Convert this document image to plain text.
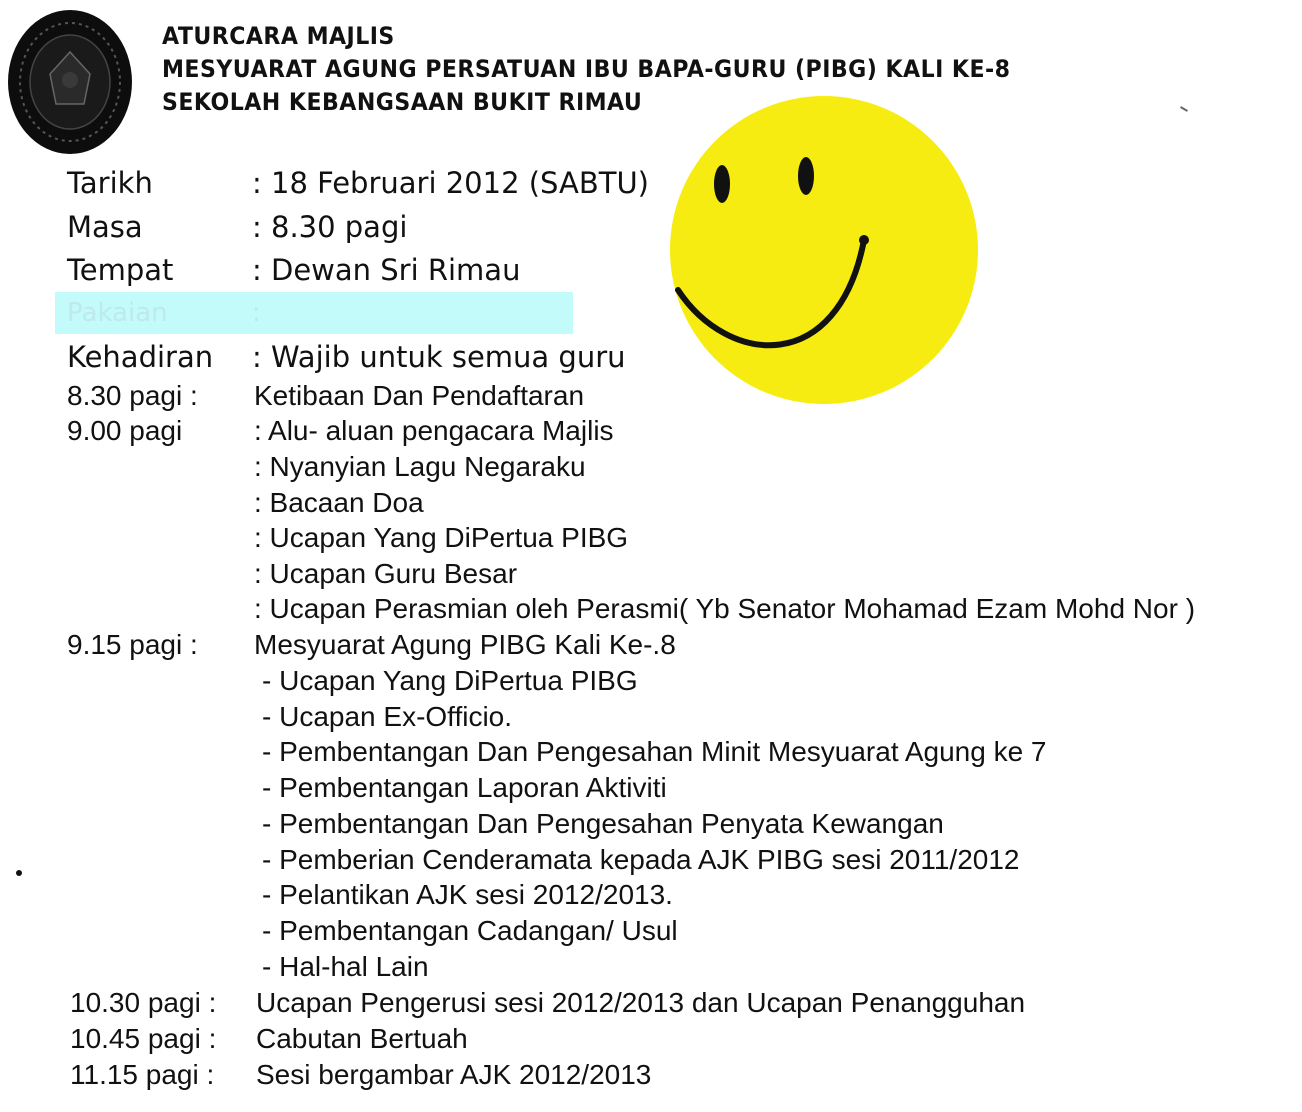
ATURCARA MAJLIS
MESYUARAT AGUNG PERSATUAN IBU BAPA-GURU (PIBG) KALI KE-8
SEKOLAH KEBANGSAAN BUKIT RIMAU
Tarikh	: 18 Februari 2012 (SABTU)
Masa	: 8.30 pagi
Tempat	: Dewan Sri Rimau
Pakaian	:
Kehadiran : Wajib untuk semua guru
8.30 pagi : Ketibaan Dan Pendaftaran
9.00 pagi	: Alu- aluan pengacara Majlis
: Nyanyian Lagu Negaraku
: Bacaan Doa
: Ucapan Yang DiPertua PIBG
: Ucapan Guru Besar
: Ucapan Perasmian oleh Perasmi( Yb Senator Mohamad Ezam Mohd Nor )
9.15 pagi : Mesyuarat Agung PIBG Kali Ke-.8
- Ucapan Yang DiPertua PIBG
- Ucapan Ex-Officio.
- Pembentangan Dan Pengesahan Minit Mesyuarat Agung ke 7
- Pembentangan Laporan Aktiviti
- Pembentangan Dan Pengesahan Penyata Kewangan
- Pemberian Cenderamata kepada AJK PIBG sesi 2011/2012
- Pelantikan AJK sesi 2012/2013.
- Pembentangan Cadangan/ Usul
- Hal-hal Lain
10.30 pagi : Ucapan Pengerusi sesi 2012/2013 dan Ucapan Penangguhan
10.45 pagi : Cabutan Bertuah
11.15 pagi : Sesi bergambar AJK 2012/2013
